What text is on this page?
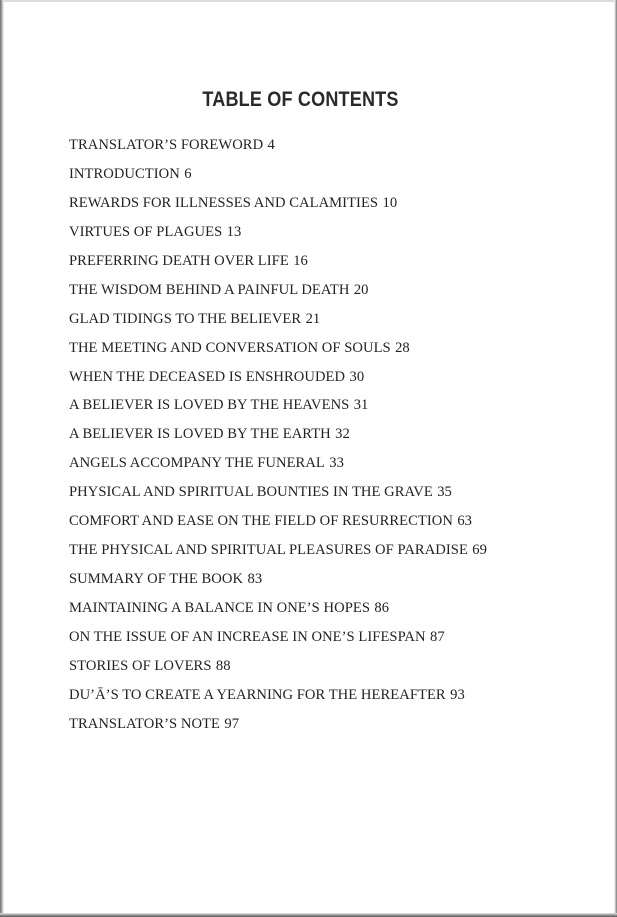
TABLE OF CONTENTS
TRANSLATOR’S FOREWORD 4
INTRODUCTION 6
REWARDS FOR ILLNESSES AND CALAMITIES 10
VIRTUES OF PLAGUES 13
PREFERRING DEATH OVER LIFE 16
THE WISDOM BEHIND A PAINFUL DEATH 20
GLAD TIDINGS TO THE BELIEVER 21
THE MEETING AND CONVERSATION OF SOULS 28
WHEN THE DECEASED IS ENSHROUDED 30
A BELIEVER IS LOVED BY THE HEAVENS 31
A BELIEVER IS LOVED BY THE EARTH 32
ANGELS ACCOMPANY THE FUNERAL 33
PHYSICAL AND SPIRITUAL BOUNTIES IN THE GRAVE 35
COMFORT AND EASE ON THE FIELD OF RESURRECTION 63
THE PHYSICAL AND SPIRITUAL PLEASURES OF PARADISE 69
SUMMARY OF THE BOOK 83
MAINTAINING A BALANCE IN ONE’S HOPES 86
ON THE ISSUE OF AN INCREASE IN ONE’S LIFESPAN 87
STORIES OF LOVERS 88
DU’Ā’S TO CREATE A YEARNING FOR THE HEREAFTER 93
TRANSLATOR’S NOTE 97
